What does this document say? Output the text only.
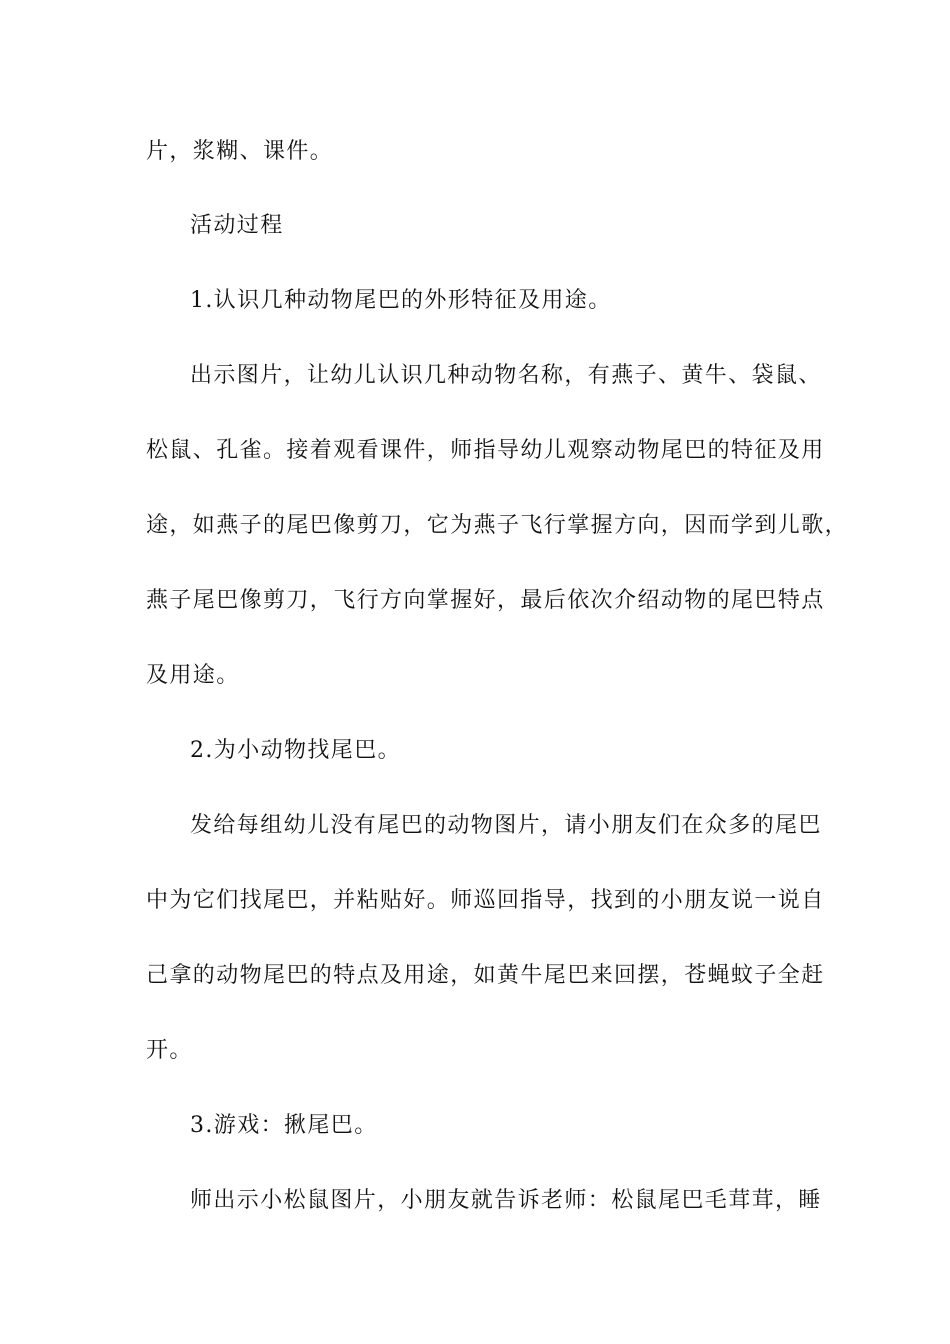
片，浆糊、课件。
活动过程
1.认识几种动物尾巴的外形特征及用途。
出示图片，让幼儿认识几种动物名称，有燕子、黄牛、袋鼠、
松鼠、孔雀。接着观看课件，师指导幼儿观察动物尾巴的特征及用
途，如燕子的尾巴像剪刀，它为燕子飞行掌握方向，因而学到儿歌，
燕子尾巴像剪刀，飞行方向掌握好，最后依次介绍动物的尾巴特点
及用途。
2.为小动物找尾巴。
发给每组幼儿没有尾巴的动物图片，请小朋友们在众多的尾巴
中为它们找尾巴，并粘贴好。师巡回指导，找到的小朋友说一说自
己拿的动物尾巴的特点及用途，如黄牛尾巴来回摆，苍蝇蚊子全赶
开。
3.游戏：揪尾巴。
师出示小松鼠图片，小朋友就告诉老师：松鼠尾巴毛茸茸，睡
